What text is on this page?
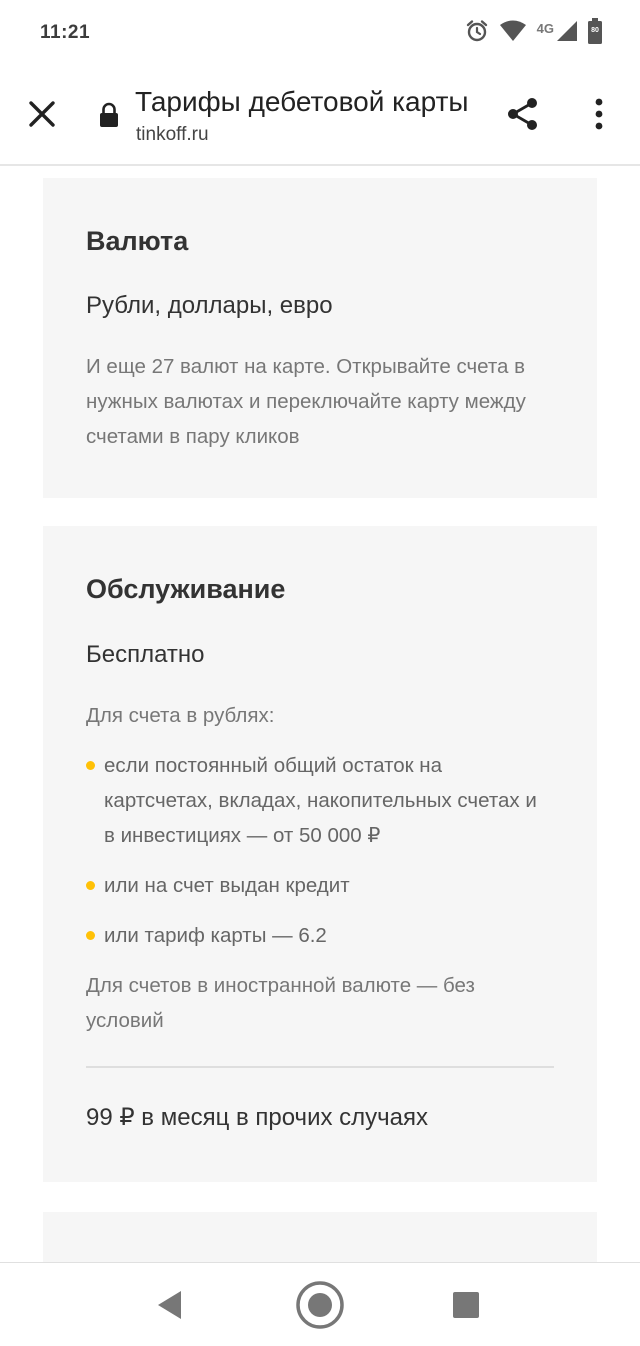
11:21	4G	80
Тарифы дебетовой карты
tinkoff.ru
Валюта
Рубли, доллары, евро
И еще 27 валют на карте. Открывайте счета в нужных валютах и переключайте карту между счетами в пару кликов
Обслуживание
Бесплатно
Для счета в рублях:
если постоянный общий остаток на картсчетах, вкладах, накопительных счетах и в инвестициях — от 50 000 ₽
или на счет выдан кредит
или тариф карты — 6.2
Для счетов в иностранной валюте — без условий
99 ₽ в месяц в прочих случаях
